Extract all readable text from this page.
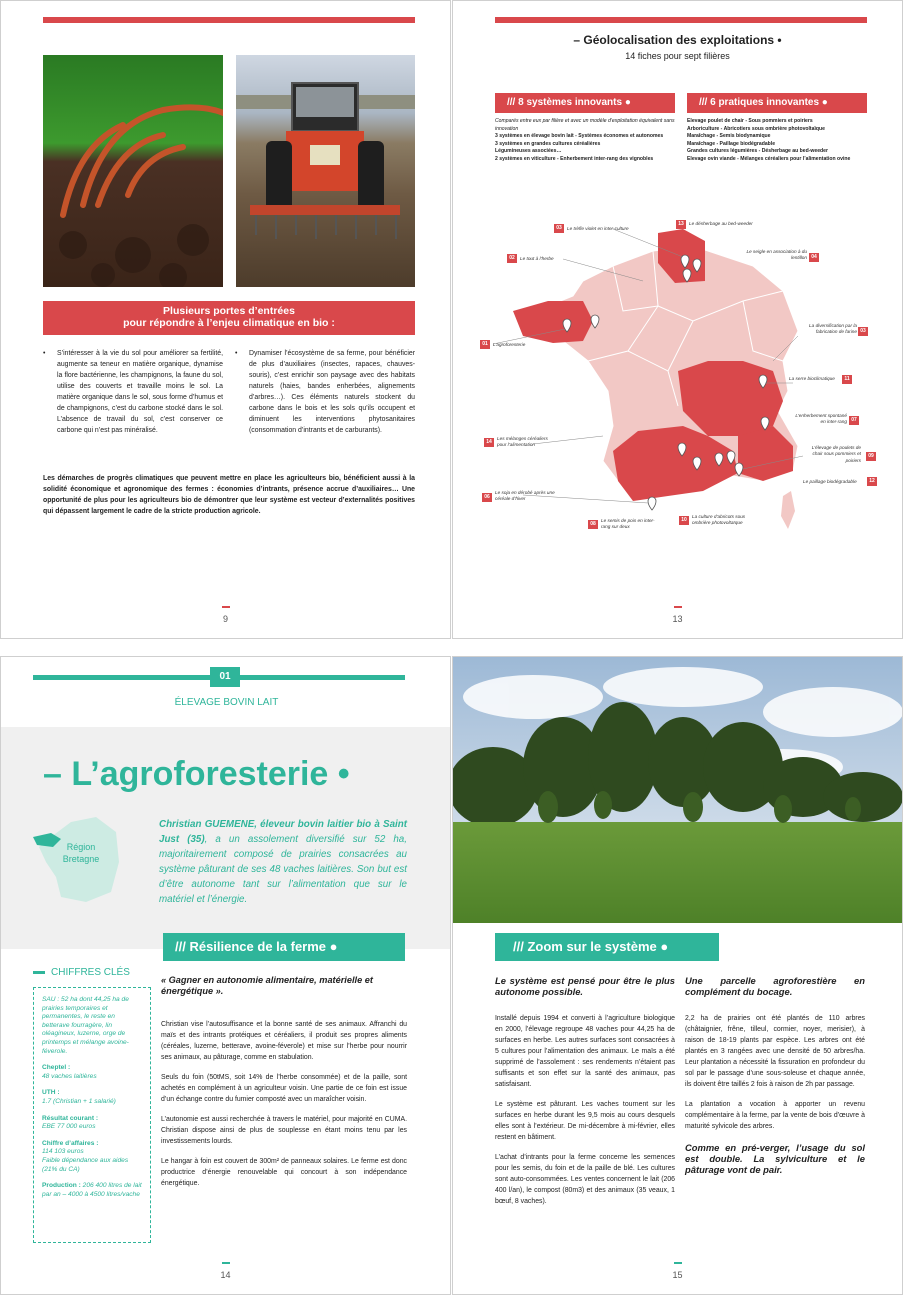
Plusieurs portes d’entrées
pour répondre à l’enjeu climatique en bio :
• S’intéresser à la vie du sol pour améliorer sa fertilité, augmente sa teneur en matière organique, dynamise la flore bactérienne, les champignons, la faune du sol, utilise des couverts et travaille moins le sol. La matière organique dans le sol, sous forme d’humus et de champignons, c’est du carbone stocké dans le sol. L’absence de travail du sol, c’est conserver ce carbone qui n’est pas minéralisé.
• Dynamiser l’écosystème de sa ferme, pour bénéficier de plus d’auxiliaires (insectes, rapaces, chauves-souris), c’est enrichir son paysage avec des habitats naturels (haies, bandes enherbées, alignements d’arbres…). Ces éléments naturels stockent du carbone dans le bois et les sols qu’ils occupent et diminuent les interventions phytosanitaires (consommation d’intrants et de carburants).

Les démarches de progrès climatiques que peuvent mettre en place les agriculteurs bio, bénéficient aussi à la solidité économique et agronomique des fermes : économies d’intrants, présence accrue d’auxiliaires… Une opportunité de plus pour les agriculteurs bio de démontrer que leur système est vecteur d’externalités positives qui dépassent largement le cadre de la stricte production agricole.

9
– Géolocalisation des exploitations •
14 fiches pour sept filières
/// 8 systèmes innovants ●	/// 6 pratiques innovantes ●
Comparés entre eux par filière et avec un modèle d’exploitation équivalent sans innovation
3 systèmes en élevage bovin lait - Systèmes économes et autonomes
3 systèmes en grandes cultures céréalières
Légumineuses associées…
2 systèmes en viticulture - Enherbement inter-rang des vignobles
Elevage poulet de chair - Sous pommiers et poiriers
Arboriculture - Abricotiers sous ombrière photovoltaïque
Maraîchage - Semis biodynamique
Maraîchage - Paillage biodégradable
Grandes cultures légumières - Désherbage au bed-weeder
Elevage ovin viande - Mélanges céréaliers pour l’alimentation ovine
03	Le trèfle violet en inter-culture
13	Le désherbage au bed-weeder
02	Le tout à l’herbe
Le seigle en association à du lentillon 04
La diversification par la fabrication de farine 03
01	L’agroforesterie
La serre bioclimatique	11
L’enherbement spontané en inter-rang 07
14
Les mélanges céréaliers pour l’alimentation
L’élevage de poulets de chair sous pommiers et poiriers
09
Le paillage biodégradable	12
06
Le soja en dérobé après une céréale d’hiver
10
La culture d’abricots sous ombrière photovoltaïque
08
Le semis de pois en inter-rang sur deux
13
01
ÉLEVAGE BOVIN LAIT
– L’agroforesterie •
Région
Bretagne

Christian GUEMENE, éleveur bovin laitier bio à Saint Just (35), a un assolement diversifié sur 52 ha, majoritairement composé de prairies consacrées au système pâturant de ses 48 vaches laitières. Son but est d’être autonome tant sur l’alimentation que sur le matériel et l’énergie.

/// Résilience de la ferme ●
CHIFFRES CLÉS

SAU : 52 ha dont 44,25 ha de prairies temporaires et permanentes, le reste en betterave fourragère, lin oléagineux, luzerne, orge de printemps et mélange avoine-féverole.

Cheptel :
48 vaches laitières

UTH :
1.7 (Christian + 1 salarié)

Résultat courant :
EBE 77 000 euros

Chiffre d’affaires :
114 103 euros
Faible dépendance aux aides (21% du CA)

Production : 206 400 litres de lait par an – 4000 à 4500 litres/vache

« Gagner en autonomie alimentaire, matérielle et énergétique ».

Christian vise l’autosuffisance et la bonne santé de ses animaux. Affranchi du maïs et des intrants protéiques et céréaliers, il produit ses propres aliments (céréales, luzerne, betterave, avoine-féverole) et mise sur l’herbe pour nourrir ses animaux, au pâturage, comme en stabulation.

Seuls du foin (50tMS, soit 14% de l’herbe consommée) et de la paille, sont achetés en complément à un agriculteur voisin. Une partie de ce foin est issue d’un échange contre du fumier composté avec un maraîcher voisin.

L’autonomie est aussi recherchée à travers le matériel, pour majorité en CUMA. Christian dispose ainsi de plus de souplesse en étant moins tenu par les investissements lourds.

Le hangar à foin est couvert de 300m² de panneaux solaires. Le ferme est donc productrice d’énergie renouvelable qui concourt à son indépendance énergétique.

14
/// Zoom sur le système ●
Le système est pensé pour être le plus autonome possible.

Installé depuis 1994 et converti à l’agriculture biologique en 2000, l’élevage regroupe 48 vaches pour 44,25 ha de surfaces en herbe. Les autres surfaces sont consacrées à 5 cultures pour l’alimentation des animaux. Le maïs a été supprimé de l’assolement : ses rendements n’étaient pas suffisants et son effet sur la santé des animaux, pas satisfaisant.

Le système est pâturant. Les vaches tournent sur les surfaces en herbe durant les 9,5 mois au cours desquels elles sont à l’extérieur. De mi-décembre à mi-février, elles restent en bâtiment.

L’achat d’intrants pour la ferme concerne les semences pour les semis, du foin et de la paille de blé. Les cultures sont auto-consommées. Les ventes concernent le lait (206 400 l/an), le compost (80m3) et des animaux (35 veaux, 1 bœuf, 8 vaches).

Une parcelle agroforestière en complément du bocage.

2,2 ha de prairies ont été plantés de 110 arbres (châtaignier, frêne, tilleul, cormier, noyer, merisier), à raison de 18-19 plants par espèce. Les arbres ont été plantés en 3 rangées avec une densité de 50 arbres/ha. Leur plantation a nécessité la fissuration en profondeur du sol par le passage d’une sous-soleuse et chaque année, ils doivent être taillés 2 fois à raison de 2h par passage.

La plantation a vocation à apporter un revenu complémentaire à la ferme, par la vente de bois d’œuvre à maturité sylvicole des arbres.

Comme en pré-verger, l’usage du sol est double. La sylviculture et le pâturage vont de pair.

15
